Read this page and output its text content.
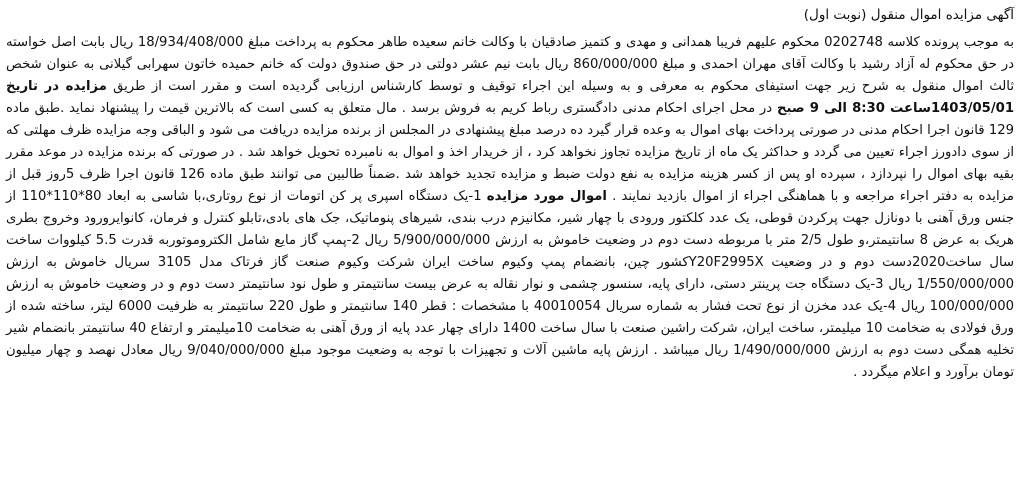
آگهی مزایده اموال منقول (نوبت اول)

به موجب پرونده کلاسه 0202748 محکوم علیهم فریبا همدانی و مهدی و کتمیز صادقیان با وکالت خانم سعیده طاهر محکوم به پرداخت مبلغ 18/934/408/000 ریال بابت اصل خواسته در حق محکوم له آزاد رشید با وکالت آقای مهران احمدی و مبلغ 860/000/000 ریال بابت نیم عشر دولتی در حق صندوق دولت که خانم حمیده خاتون سهرابی گیلانی به عنوان شخص ثالث اموال منقول به شرح زیر جهت استیفای محکوم به معرفی و به وسیله این اجراء توقیف و توسط کارشناس ارزیابی گردیده است و مقرر است از طریق مزایده در تاریخ 1403/05/01ساعت 8:30 الی 9 صبح در محل اجرای احکام مدنی دادگستری رباط کریم به فروش برسد . مال متعلق به کسی است که بالاترین قیمت را پیشنهاد نماید .طبق ماده 129 قانون اجرا احکام مدنی در صورتی پرداخت بهای اموال به وعده قرار گیرد ده درصد مبلغ پیشنهادی در المجلس از برنده مزایده دریافت می شود و الباقی وجه مزایده ظرف مهلتی که از سوی دادورز اجراء تعیین می گردد و حداکثر یک ماه از تاریخ مزایده تجاوز نخواهد کرد ، از خریدار اخذ و اموال به نامبرده تحویل خواهد شد . در صورتی که برنده مزایده در موعد مقرر بقیه بهای اموال را نپردازد ، سپرده او پس از کسر هزینه مزایده به نفع دولت ضبط و مزایده تجدید خواهد شد .ضمناً طالبین می توانند طبق ماده 126 قانون اجرا ظرف 5روز قبل از مزایده به دفتر اجراء مراجعه و با هماهنگی اجراء از اموال بازدید نمایند . اموال مورد مزایده 1-یک دستگاه اسپری پر کن اتومات از نوع روتاری،با شاسی به ابعاد 80*110*110 از جنس ورق آهنی با دونازل جهت پرکردن قوطی، یک عدد کلکتور ورودی با چهار شیر، مکانیزم درب بندی، شیرهای پنوماتیک، جک های بادی،تابلو کنترل و فرمان، کانوایرورود وخروج بطری هریک به عرض 8 سانتیمتر،و طول 2/5 متر با مربوطه دست دوم در وضعیت خاموش به ارزش 5/900/000/000 ریال 2-پمپ گاز مایع شامل الکتروموتوربه قدرت 5.5 کیلووات ساخت سال ساخت2020دست دوم و در وضعیت Y20F2995Xکشور چین، بانضمام پمپ وکیوم ساخت ایران شرکت وکیوم صنعت گاز فرتاک مدل 3105 سریال خاموش به ارزش 1/550/000/000 ریال 3-یک دستگاه جت پرینتر دستی، دارای پایه، سنسور چشمی و نوار نقاله به عرض بیست سانتیمتر و طول نود سانتیمتر دست دوم و در وضعیت خاموش به ارزش 100/000/000 ریال 4-یک عدد مخزن از نوع تحت فشار به شماره سریال 40010054 با مشخصات : قطر 140 سانتیمتر و طول 220 سانتیمتر به ظرفیت 6000 لیتر، ساخته شده از ورق فولادی به ضخامت 10 میلیمتر، ساخت ایران، شرکت راشین صنعت با سال ساخت 1400 دارای چهار عدد پایه از ورق آهنی به ضخامت 10میلیمتر و ارتفاع 40 سانتیمتر بانضمام شیر تخلیه همگی دست دوم به ارزش 1/490/000/000 ریال میباشد . ارزش پایه ماشین آلات و تجهیزات با توجه به وضعیت موجود مبلغ 9/040/000/000 ریال معادل نهصد و چهار میلیون تومان برآورد و اعلام میگردد .
